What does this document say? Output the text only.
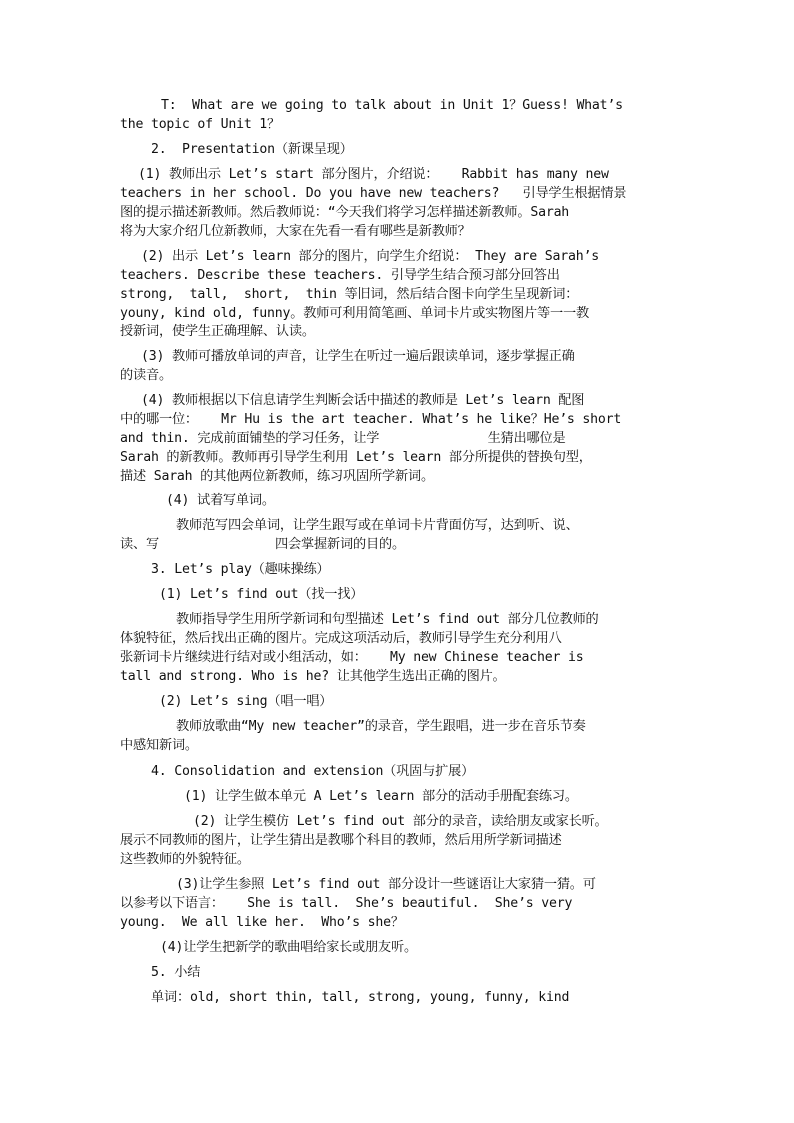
T:  What are we going to talk about in Unit 1？Guess! What’s

the topic of Unit 1？

2.  Presentation（新课呈现）

(1) 教师出示 Let’s start 部分图片，介绍说：   Rabbit has many new

teachers in her school. Do you have new teachers?   引导学生根据情景

图的提示描述新教师。然后教师说：“今天我们将学习怎样描述新教师。Sarah

将为大家介绍几位新教师，大家在先看一看有哪些是新教师？

(2) 出示 Let’s learn 部分的图片，向学生介绍说： They are Sarah’s

teachers. Describe these teachers. 引导学生结合预习部分回答出

strong,  tall,  short,  thin 等旧词，然后结合图卡向学生呈现新词：

youny, kind old, funny。教师可利用简笔画、单词卡片或实物图片等一一教

授新词，使学生正确理解、认读。

(3) 教师可播放单词的声音，让学生在听过一遍后跟读单词，逐步掌握正确

的读音。

(4) 教师根据以下信息请学生判断会话中描述的教师是 Let’s learn 配图

中的哪一位：   Mr Hu is the art teacher. What’s he like？He’s short

and thin. 完成前面铺垫的学习任务，让学              生猜出哪位是

Sarah 的新教师。教师再引导学生利用 Let’s learn 部分所提供的替换句型，

描述 Sarah 的其他两位新教师，练习巩固所学新词。

(4) 试着写单词。

教师范写四会单词，让学生跟写或在单词卡片背面仿写，达到听、说、

读、写               四会掌握新词的目的。

3. Let’s play（趣味操练）

(1) Let’s find out（找一找）

教师指导学生用所学新词和句型描述 Let’s find out 部分几位教师的

体貌特征，然后找出正确的图片。完成这项活动后，教师引导学生充分利用八

张新词卡片继续进行结对或小组活动，如：   My new Chinese teacher is

tall and strong. Who is he? 让其他学生选出正确的图片。

(2) Let’s sing（唱一唱）

教师放歌曲“My new teacher”的录音，学生跟唱，进一步在音乐节奏

中感知新词。

4. Consolidation and extension（巩固与扩展）

(1) 让学生做本单元 A Let’s learn 部分的活动手册配套练习。

(2) 让学生模仿 Let’s find out 部分的录音，读给朋友或家长听。

展示不同教师的图片，让学生猜出是教哪个科目的教师，然后用所学新词描述

这些教师的外貌特征。

(3)让学生参照 Let’s find out 部分设计一些谜语让大家猜一猜。可

以参考以下语言：   She is tall.  She’s beautiful.  She’s very

young.  We all like her.  Who’s she？

(4)让学生把新学的歌曲唱给家长或朋友听。

5. 小结

单词：old, short thin, tall, strong, young, funny, kind
